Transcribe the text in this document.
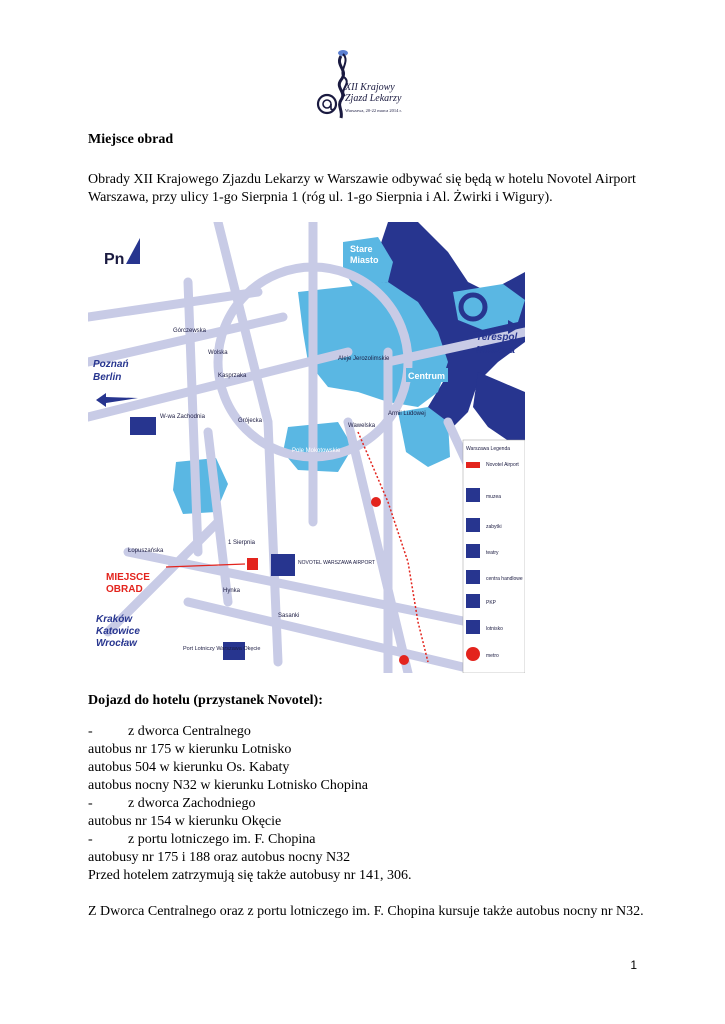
XII Krajowy
Zjazd Lekarzy
Warszawa, 20-22 marca 2014 r.
Miejsce obrad
Obrady XII Krajowego Zjazdu Lekarzy w Warszawie odbywać się będą w hotelu Novotel Airport Warszawa, przy ulicy 1-go Sierpnia 1 (róg ul. 1-go Sierpnia i Al. Żwirki i Wigury).
Górczewska
Wolska
Kasprzaka
Grójecka
Łopuszańska
1 Sierpnia
Hynka
Sasanki
Wawelska
Armii Ludowej
Aleje Jerozolimskie
Stare
Miasto
Centrum
Pole Mokotowskie
Pn
Poznań
Berlin
Terespol
Moskwa
Kraków
Katowice
Wrocław
W-wa Zachodnia
Port Lotniczy Warszawa Okęcie
NOVOTEL WARSZAWA AIRPORT
MIEJSCE
OBRAD
Warszawa Legenda
Novotel Airport
muzea
zabytki
teatry
centra handlowe
PKP
lotnisko
metro
Dojazd do hotelu (przystanek Novotel):
-	z dworca Centralnego
autobus nr 175 w kierunku Lotnisko
autobus 504 w kierunku Os. Kabaty
autobus nocny N32 w kierunku Lotnisko Chopina
-	z dworca Zachodniego
autobus nr 154 w kierunku Okęcie
-	z portu lotniczego im. F. Chopina
autobusy nr 175 i 188 oraz autobus nocny N32
Przed hotelem zatrzymują się także autobusy nr 141, 306.
Z Dworca Centralnego oraz z portu lotniczego im. F. Chopina kursuje także autobus nocny nr N32.
1
